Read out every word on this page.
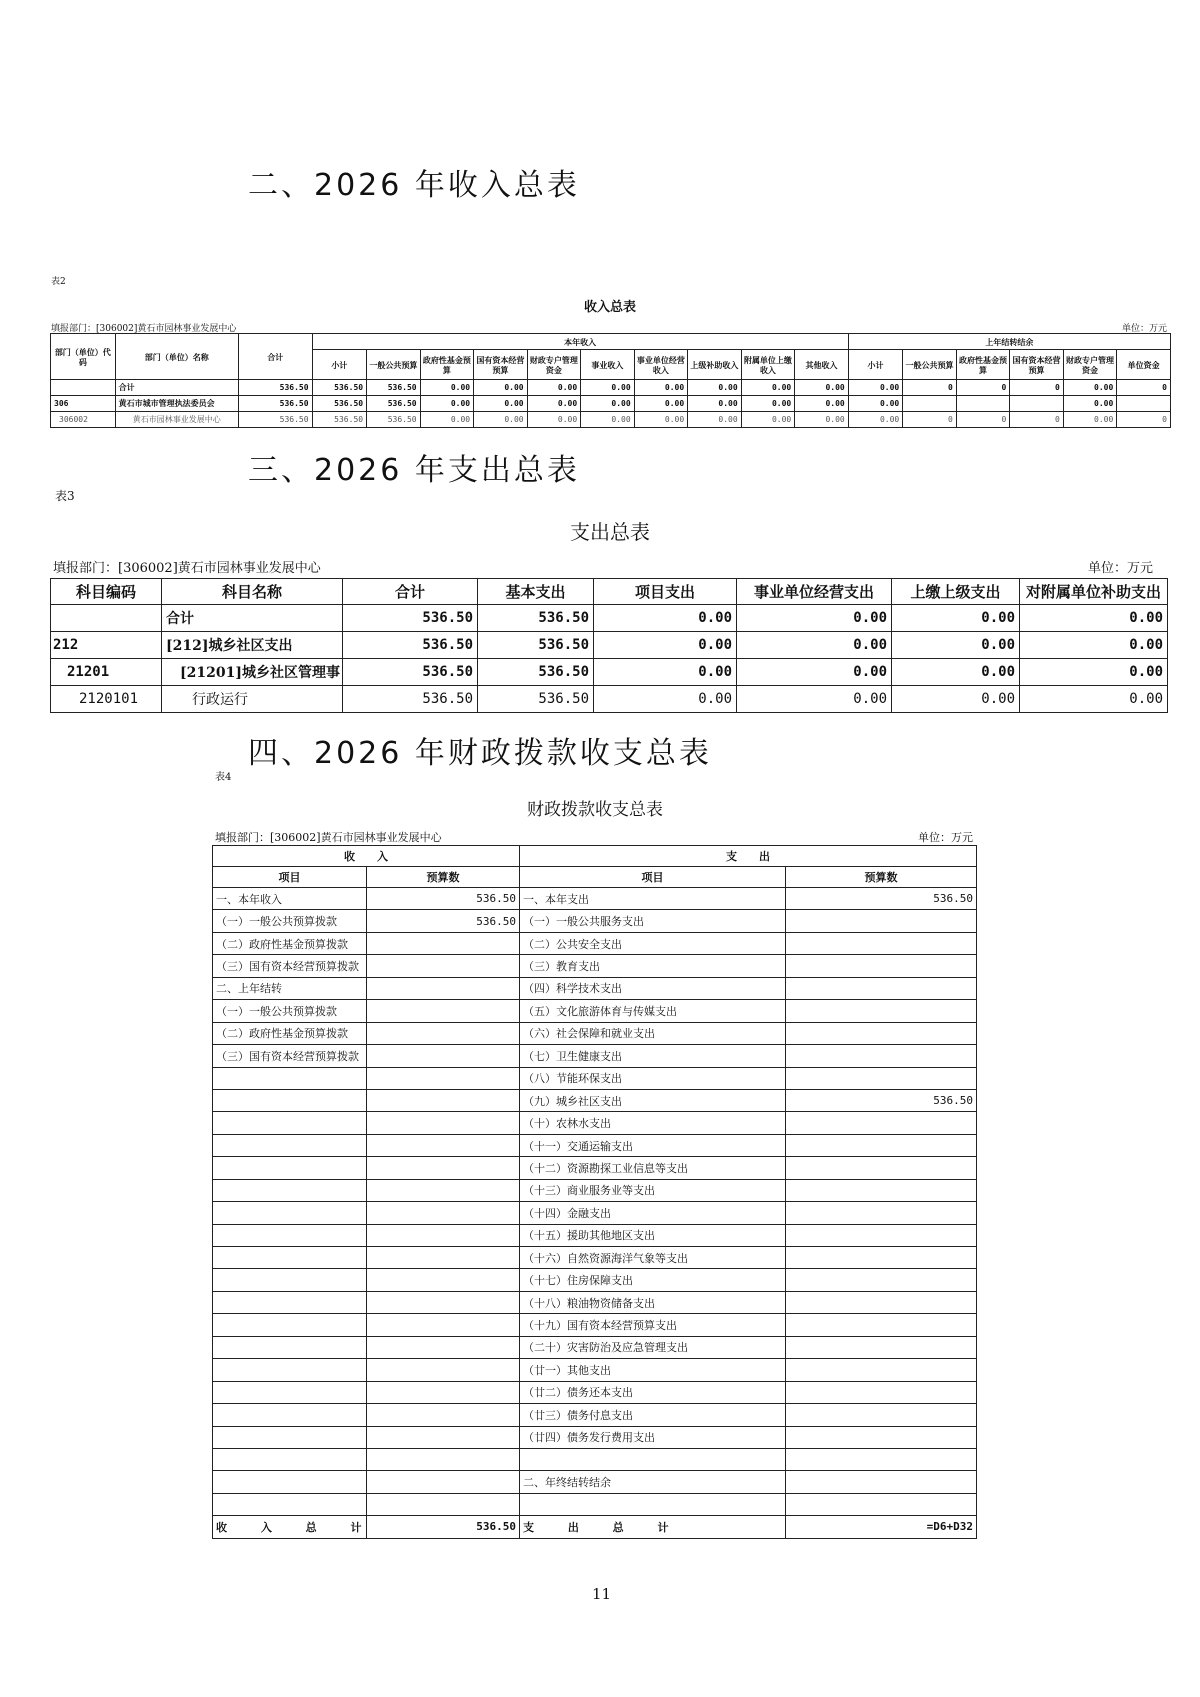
二、2026 年收入总表
表2
收入总表
填报部门：[306002]黄石市园林事业发展中心	单位：万元
部门（单位）代码	部门（单位）名称	合计	本年收入										上年结转结余					
			小计	一般公共预算	政府性基金预算	国有资本经营预算	财政专户管理资金	事业收入	事业单位经营收入	上级补助收入	附属单位上缴收入	其他收入	小计	一般公共预算	政府性基金预算	国有资本经营预算	财政专户管理资金	单位资金
	合计	536.50	536.50	536.50	0.00	0.00	0.00	0.00	0.00	0.00	0.00	0.00	0.00	0	0	0	0.00	0
306	黄石市城市管理执法委员会	536.50	536.50	536.50	0.00	0.00	0.00	0.00	0.00	0.00	0.00	0.00	0.00				0.00	
306002	黄石市园林事业发展中心	536.50	536.50	536.50	0.00	0.00	0.00	0.00	0.00	0.00	0.00	0.00	0.00	0	0	0	0.00	0
三、2026 年支出总表
表3
支出总表
填报部门：[306002]黄石市园林事业发展中心	单位：万元
科目编码	科目名称	合计	基本支出	项目支出	事业单位经营支出	上缴上级支出	对附属单位补助支出
	合计	536.50	536.50	0.00	0.00	0.00	0.00
212	[212]城乡社区支出	536.50	536.50	0.00	0.00	0.00	0.00
21201	[21201]城乡社区管理事	536.50	536.50	0.00	0.00	0.00	0.00
2120101	行政运行	536.50	536.50	0.00	0.00	0.00	0.00
四、2026 年财政拨款收支总表
表4
财政拨款收支总表
填报部门：[306002]黄石市园林事业发展中心	单位：万元
收　　入		支　　出	
项目	预算数	项目	预算数
一、本年收入	536.50	一、本年支出	536.50
（一）一般公共预算拨款	536.50	（一）一般公共服务支出	
（二）政府性基金预算拨款		（二）公共安全支出	
（三）国有资本经营预算拨款		（三）教育支出	
二、上年结转		（四）科学技术支出	
（一）一般公共预算拨款		（五）文化旅游体育与传媒支出	
（二）政府性基金预算拨款		（六）社会保障和就业支出	
（三）国有资本经营预算拨款		（七）卫生健康支出	
		（八）节能环保支出	
		（九）城乡社区支出	536.50
		（十）农林水支出	
		（十一）交通运输支出	
		（十二）资源勘探工业信息等支出	
		（十三）商业服务业等支出	
		（十四）金融支出	
		（十五）援助其他地区支出	
		（十六）自然资源海洋气象等支出	
		（十七）住房保障支出	
		（十八）粮油物资储备支出	
		（十九）国有资本经营预算支出	
		（二十）灾害防治及应急管理支出	
		（廿一）其他支出	
		（廿二）债务还本支出	
		（廿三）债务付息支出	
		（廿四）债务发行费用支出	

		二、年终结转结余	

收 入 总 计	536.50	支 出 总 计	=D6+D32
11
